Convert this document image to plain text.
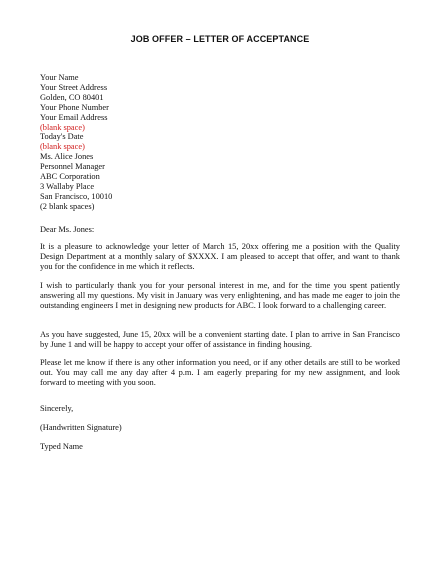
JOB OFFER – LETTER OF ACCEPTANCE
Your Name
Your Street Address
Golden, CO 80401
Your Phone Number
Your Email Address
(blank space)
Today's Date
(blank space)
Ms. Alice Jones
Personnel Manager
ABC Corporation
3 Wallaby Place
San Francisco, 10010
(2 blank spaces)
Dear Ms. Jones:
It is a pleasure to acknowledge your letter of March 15, 20xx offering me a position with the Quality Design Department at a monthly salary of $XXXX. I am pleased to accept that offer, and want to thank you for the confidence in me which it reflects.
I wish to particularly thank you for your personal interest in me, and for the time you spent patiently answering all my questions. My visit in January was very enlightening, and has made me eager to join the outstanding engineers I met in designing new products for ABC. I look forward to a challenging career.
As you have suggested, June 15, 20xx will be a convenient starting date. I plan to arrive in San Francisco by June 1 and will be happy to accept your offer of assistance in finding housing.
Please let me know if there is any other information you need, or if any other details are still to be worked out. You may call me any day after 4 p.m. I am eagerly preparing for my new assignment, and look forward to meeting with you soon.
Sincerely,
(Handwritten Signature)
Typed Name
